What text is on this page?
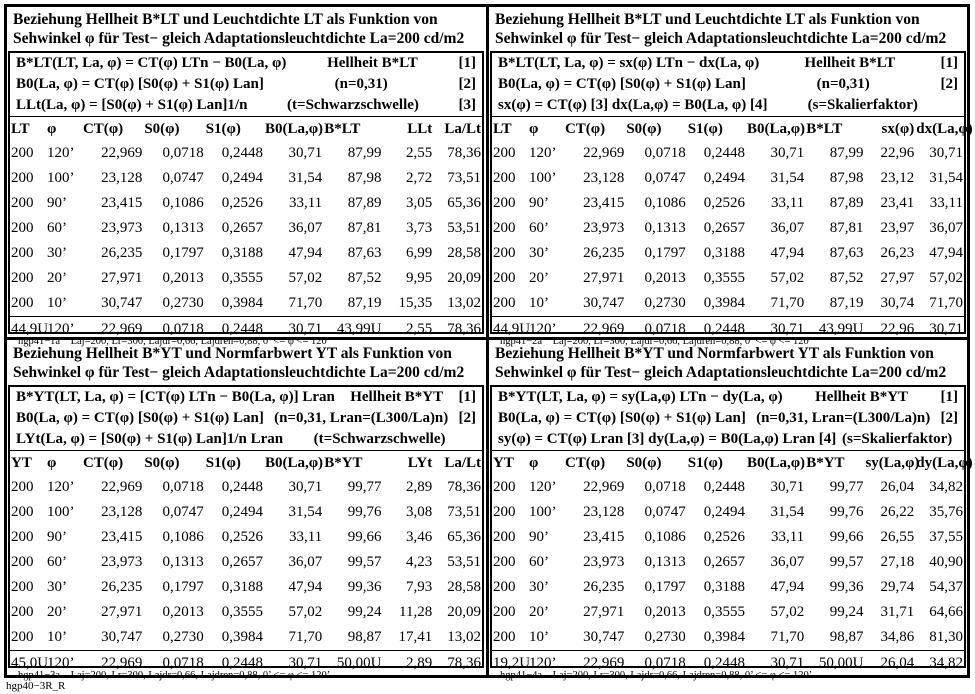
Beziehung Hellheit B*LT und Leuchtdichte LT als Funktion von
Sehwinkel φ für Test− gleich Adaptationsleuchtdichte La=200 cd/m2
B*LT(LT, La, φ) = CT(φ) LTn − B0(La, φ)	Hellheit B*LT	[1]
B0(La, φ) = CT(φ) [S0(φ) + S1(φ) Lan]	(n=0,31)	[2]
LLt(La, φ) = [S0(φ) + S1(φ) Lan]1/n	(t=Schwarzschwelle)	[3]
LT	φ	CT(φ)	S0(φ)	S1(φ)	B0(La,φ)	B*LT	LLt	La/Lt
200	120’	22,969	0,0718	0,2448	30,71	87,99	2,55	78,36
200	100’	23,128	0,0747	0,2494	31,54	87,98	2,72	73,51
200	90’	23,415	0,1086	0,2526	33,11	87,89	3,05	65,36
200	60’	23,973	0,1313	0,2657	36,07	87,81	3,73	53,51
200	30’	26,235	0,1797	0,3188	47,94	87,63	6,99	28,58
200	20’	27,971	0,2013	0,3555	57,02	87,52	9,95	20,09
200	10’	30,747	0,2730	0,3984	71,70	87,19	15,35	13,02
44,9U	120’	22,969	0,0718	0,2448	30,71	43,99U	2,55	78,36
hgp41−1a Laj=200, Lr=300, Lajdr=0,66, Lajdren=0,88, 0’ <= φ <= 120’
Beziehung Hellheit B*LT und Leuchtdichte LT als Funktion von
Sehwinkel φ für Test− gleich Adaptationsleuchtdichte La=200 cd/m2
B*LT(LT, La, φ) = sx(φ) LTn − dx(La, φ)	Hellheit B*LT	[1]
B0(La, φ) = CT(φ) [S0(φ) + S1(φ) Lan]	(n=0,31)	[2]
sx(φ) = CT(φ) [3] dx(La,φ) = B0(La, φ) [4]	(s=Skalierfaktor)
LT	φ	CT(φ)	S0(φ)	S1(φ)	B0(La,φ)	B*LT	sx(φ)	dx(La,φ)
200	120’	22,969	0,0718	0,2448	30,71	87,99	22,96	30,71
200	100’	23,128	0,0747	0,2494	31,54	87,98	23,12	31,54
200	90’	23,415	0,1086	0,2526	33,11	87,89	23,41	33,11
200	60’	23,973	0,1313	0,2657	36,07	87,81	23,97	36,07
200	30’	26,235	0,1797	0,3188	47,94	87,63	26,23	47,94
200	20’	27,971	0,2013	0,3555	57,02	87,52	27,97	57,02
200	10’	30,747	0,2730	0,3984	71,70	87,19	30,74	71,70
44,9U	120’	22,969	0,0718	0,2448	30,71	43,99U	22,96	30,71
hgp41−2a Laj=200, Lr=300, Lajdr=0,66, Lajdren=0,88, 0’ <= φ <= 120’
Beziehung Hellheit B*YT und Normfarbwert YT als Funktion von
Sehwinkel φ für Test− gleich Adaptationsleuchtdichte La=200 cd/m2
B*YT(LT, La, φ) = [CT(φ) LTn − B0(La, φ)] Lran Hellheit B*YT [1]
B0(La, φ) = CT(φ) [S0(φ) + S1(φ) Lan] (n=0,31, Lran=(L300/La)n) [2]
LYt(La, φ) = [S0(φ) + S1(φ) Lan]1/n Lran (t=Schwarzschwelle)
YT	φ	CT(φ)	S0(φ)	S1(φ)	B0(La,φ)	B*YT	LYt	La/Lt
200	120’	22,969	0,0718	0,2448	30,71	99,77	2,89	78,36
200	100’	23,128	0,0747	0,2494	31,54	99,76	3,08	73,51
200	90’	23,415	0,1086	0,2526	33,11	99,66	3,46	65,36
200	60’	23,973	0,1313	0,2657	36,07	99,57	4,23	53,51
200	30’	26,235	0,1797	0,3188	47,94	99,36	7,93	28,58
200	20’	27,971	0,2013	0,3555	57,02	99,24	11,28	20,09
200	10’	30,747	0,2730	0,3984	71,70	98,87	17,41	13,02
45,0U	120’	22,969	0,0718	0,2448	30,71	50,00U	2,89	78,36
hgp41−3a Laj=200, Lr=300, Lajdr=0,66, Lajdren=0,88, 0’ <= φ <= 120’
Beziehung Hellheit B*YT und Normfarbwert YT als Funktion von
Sehwinkel φ für Test− gleich Adaptationsleuchtdichte La=200 cd/m2
B*YT(LT, La, φ) = sy(La,φ) LTn − dy(La, φ) Hellheit B*YT [1]
B0(La, φ) = CT(φ) [S0(φ) + S1(φ) Lan] (n=0,31, Lran=(L300/La)n) [2]
sy(φ) = CT(φ) Lran [3] dy(La,φ) = B0(La,φ) Lran [4] (s=Skalierfaktor)
YT	φ	CT(φ)	S0(φ)	S1(φ)	B0(La,φ)	B*YT	sy(La,φ)	dy(La,φ)
200	120’	22,969	0,0718	0,2448	30,71	99,77	26,04	34,82
200	100’	23,128	0,0747	0,2494	31,54	99,76	26,22	35,76
200	90’	23,415	0,1086	0,2526	33,11	99,66	26,55	37,55
200	60’	23,973	0,1313	0,2657	36,07	99,57	27,18	40,90
200	30’	26,235	0,1797	0,3188	47,94	99,36	29,74	54,37
200	20’	27,971	0,2013	0,3555	57,02	99,24	31,71	64,66
200	10’	30,747	0,2730	0,3984	71,70	98,87	34,86	81,30
19,2U	120’	22,969	0,0718	0,2448	30,71	50,00U	26,04	34,82
hgp41−4a Laj=200, Lr=300, Lajdr=0,66, Lajdren=0,88, 0’ <= φ <= 120’
hgp40−3R_R
